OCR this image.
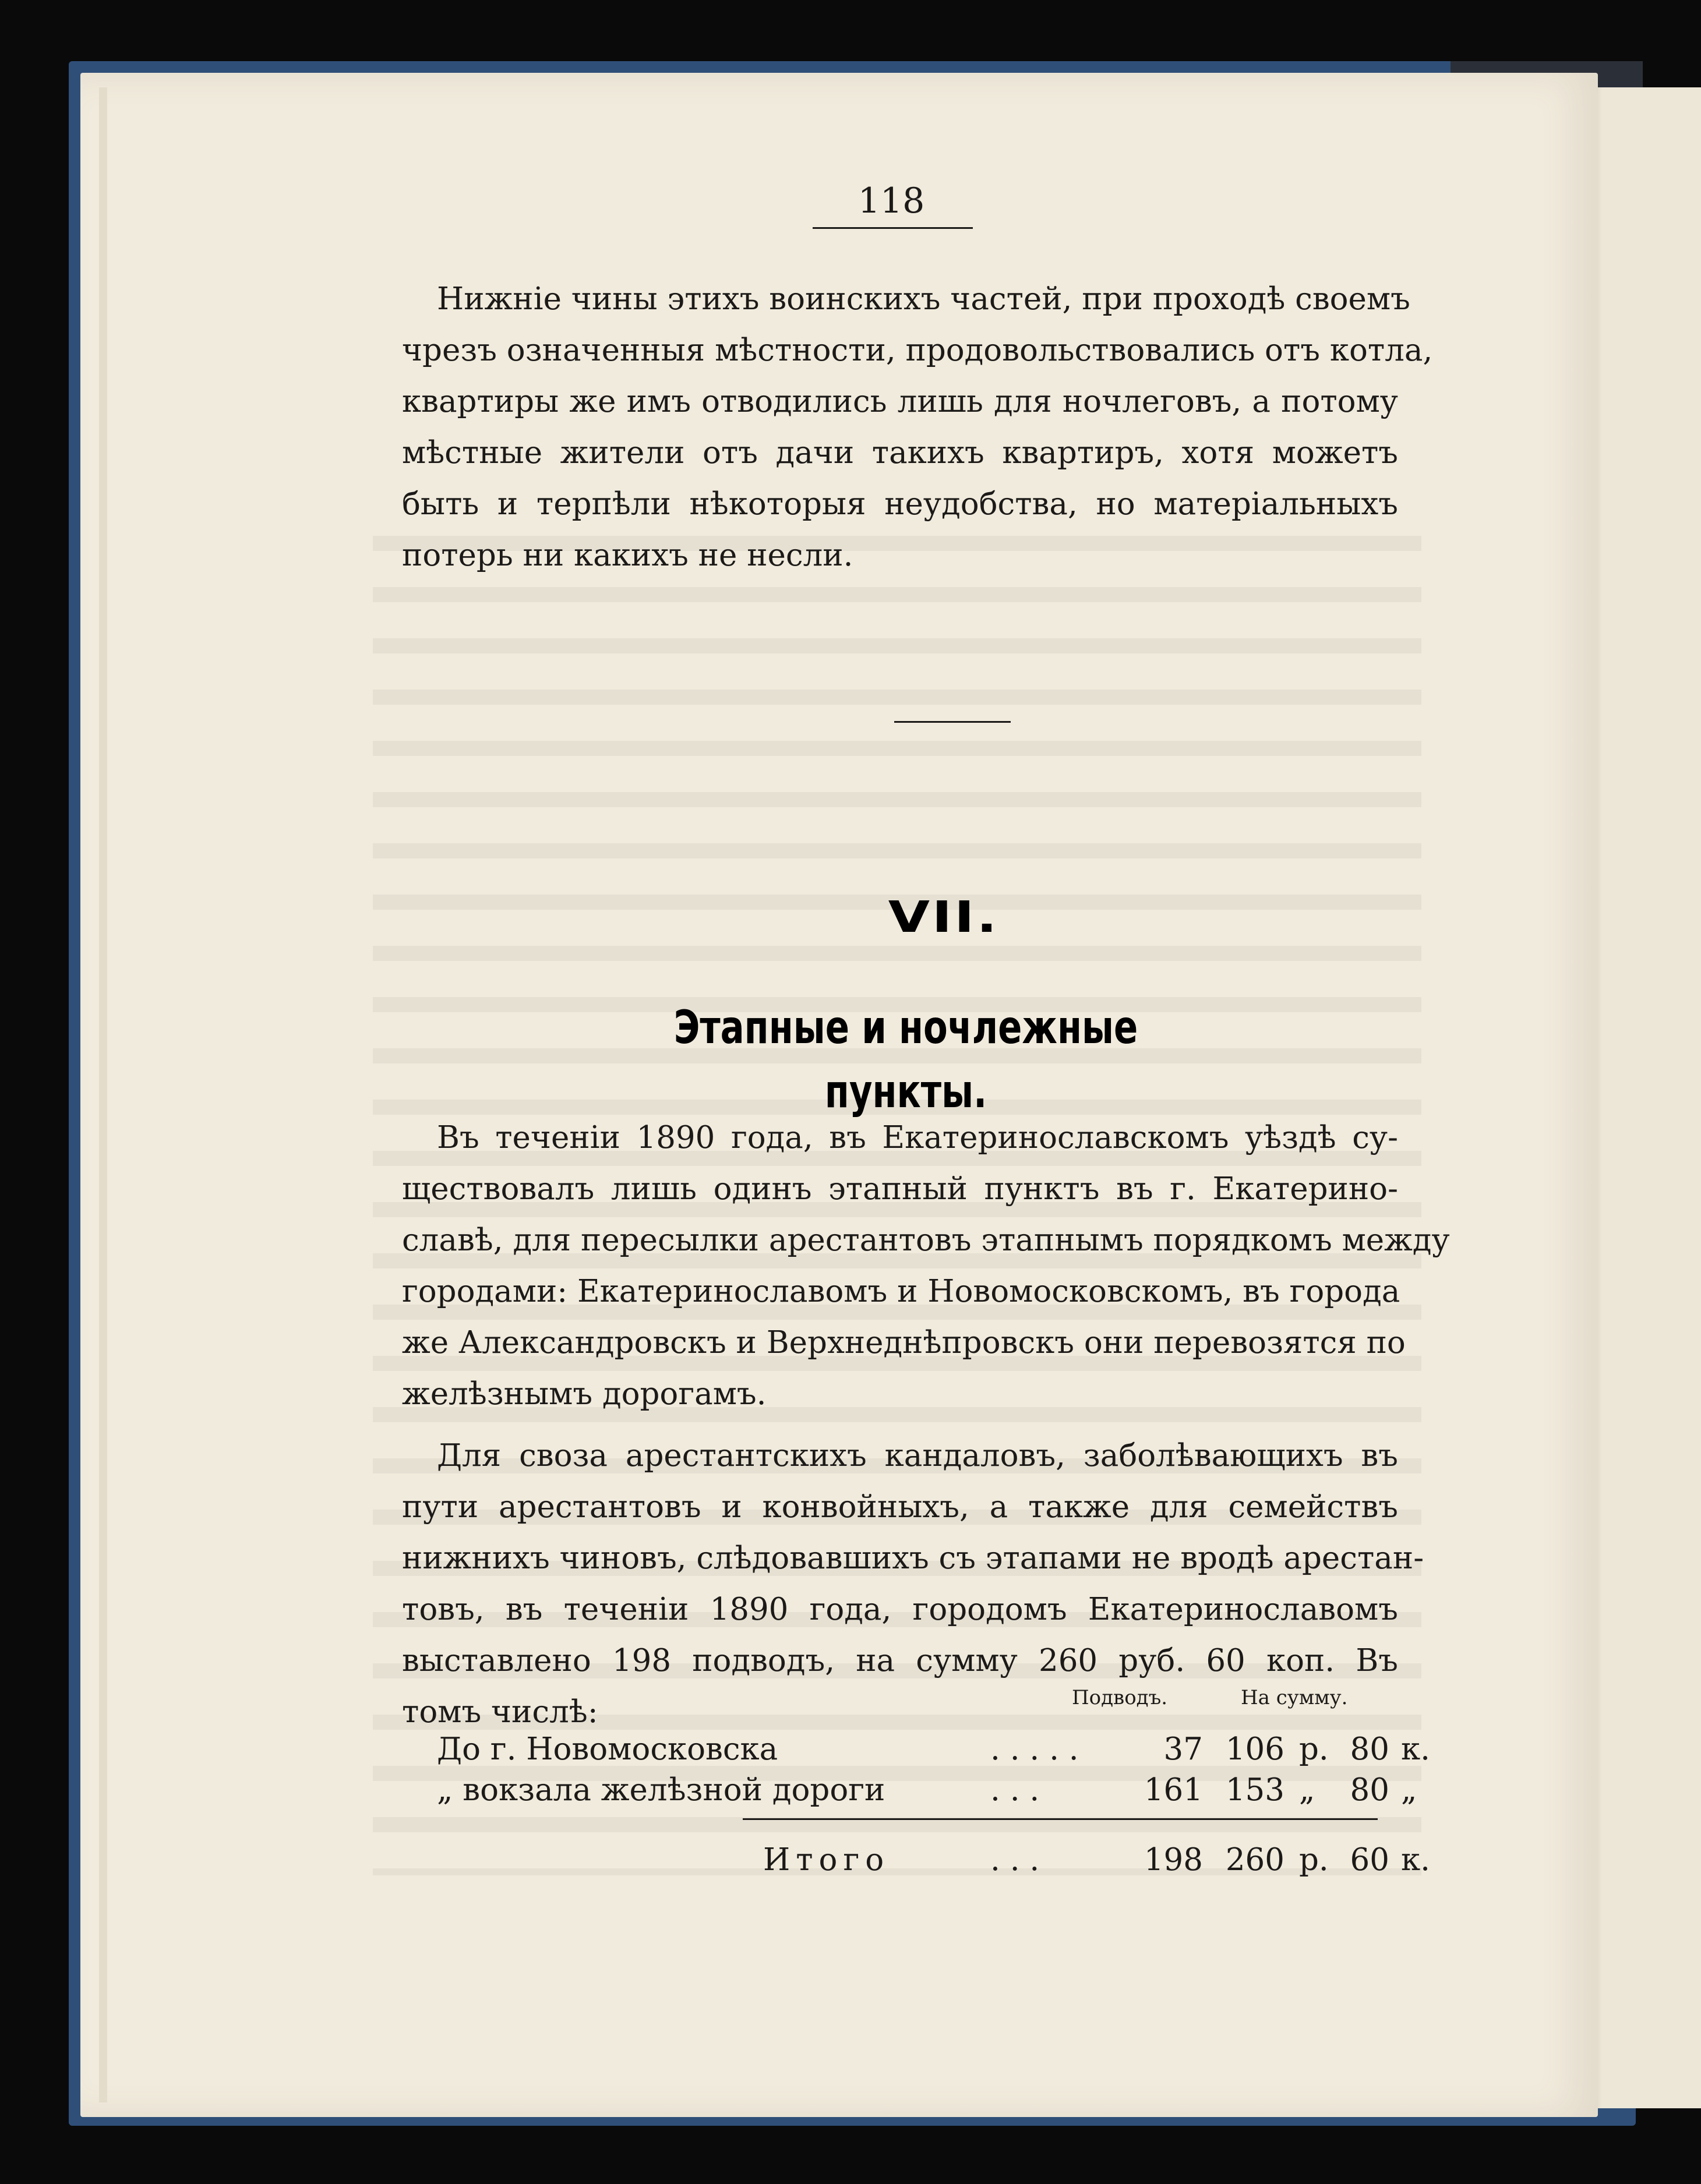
118
Нижніе чины этихъ воинскихъ частей, при проходѣ своемъ
чрезъ означенныя мѣстности, продовольствовались отъ котла,
квартиры же имъ отводились лишь для ночлеговъ, а потому
мѣстные жители отъ дачи такихъ квартиръ, хотя можетъ
быть и терпѣли нѣкоторыя неудобства, но матеріальныхъ
потерь ни какихъ не несли.
VII.
Этапные и ночлежные пункты.
Въ теченіи 1890 года, въ Екатеринославскомъ уѣздѣ су-
ществовалъ лишь одинъ этапный пунктъ въ г. Екатерино-
славѣ, для пересылки арестантовъ этапнымъ порядкомъ между
городами: Екатеринославомъ и Новомосковскомъ, въ города
же Александровскъ и Верхнеднѣпровскъ они перевозятся по
желѣзнымъ дорогамъ.
Для своза арестантскихъ кандаловъ, заболѣвающихъ въ
пути арестантовъ и конвойныхъ, а также для семействъ
нижнихъ чиновъ, слѣдовавшихъ съ этапами не вродѣ арестан-
товъ, въ теченіи 1890 года, городомъ Екатеринославомъ
выставлено 198 подводъ, на сумму 260 руб. 60 коп. Въ
томъ числѣ:	Подводъ.	На сумму.
До г. Новомосковска	. . . . .	37 106 р. 80 к.
„ вокзала желѣзной дороги	. . .	161 153 „	80 „
Итого	. . .	198 260 р. 60 к.
